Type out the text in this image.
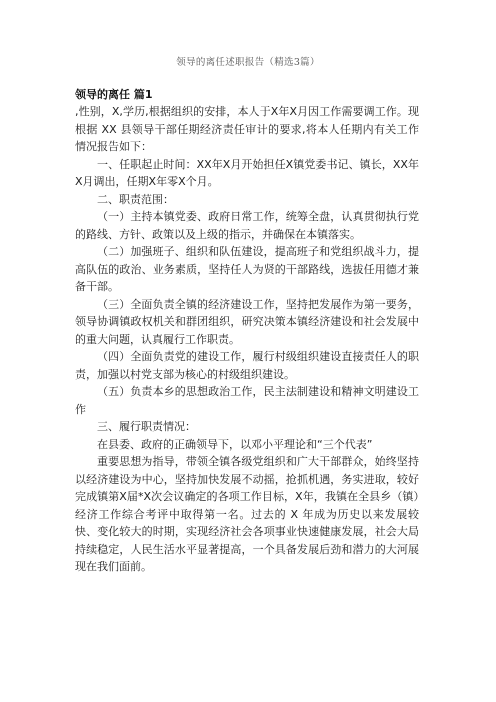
领导的离任述职报告（精选3篇）
领导的离任 篇1

,性别，X,学历,根据组织的安排，本人于X年X月因工作需要调工作。现根据 XX 县领导干部任期经济责任审计的要求,将本人任期内有关工作情况报告如下：

一、任职起止时间：XX年X月开始担任X镇党委书记、镇长，XX年X月调出，任期X年零X个月。

二、职责范围：

（一）主持本镇党委、政府日常工作，统筹全盘，认真贯彻执行党的路线、方针、政策以及上级的指示，并确保在本镇落实。

（二）加强班子、组织和队伍建设，提高班子和党组织战斗力，提高队伍的政治、业务素质，坚持任人为贤的干部路线，选拔任用德才兼备干部。

（三）全面负责全镇的经济建设工作，坚持把发展作为第一要务，领导协调镇政权机关和群团组织，研究决策本镇经济建设和社会发展中的重大问题，认真履行工作职责。

（四）全面负责党的建设工作，履行村级组织建设直接责任人的职责，加强以村党支部为核心的村级组织建设。

（五）负责本乡的思想政治工作，民主法制建设和精神文明建设工作

三、履行职责情况：

在县委、政府的正确领导下，以邓小平理论和“三个代表”

重要思想为指导，带领全镇各级党组织和广大干部群众，始终坚持以经济建设为中心，坚持加快发展不动摇，抢抓机遇，务实进取，较好完成镇第X届*X次会议确定的各项工作目标，X年，我镇在全县乡（镇）经济工作综合考评中取得第一名。过去的 X 年成为历史以来发展较快、变化较大的时期，实现经济社会各项事业快速健康发展，社会大局持续稳定，人民生活水平显著提高，一个具备发展后劲和潜力的大河展现在我们面前。
